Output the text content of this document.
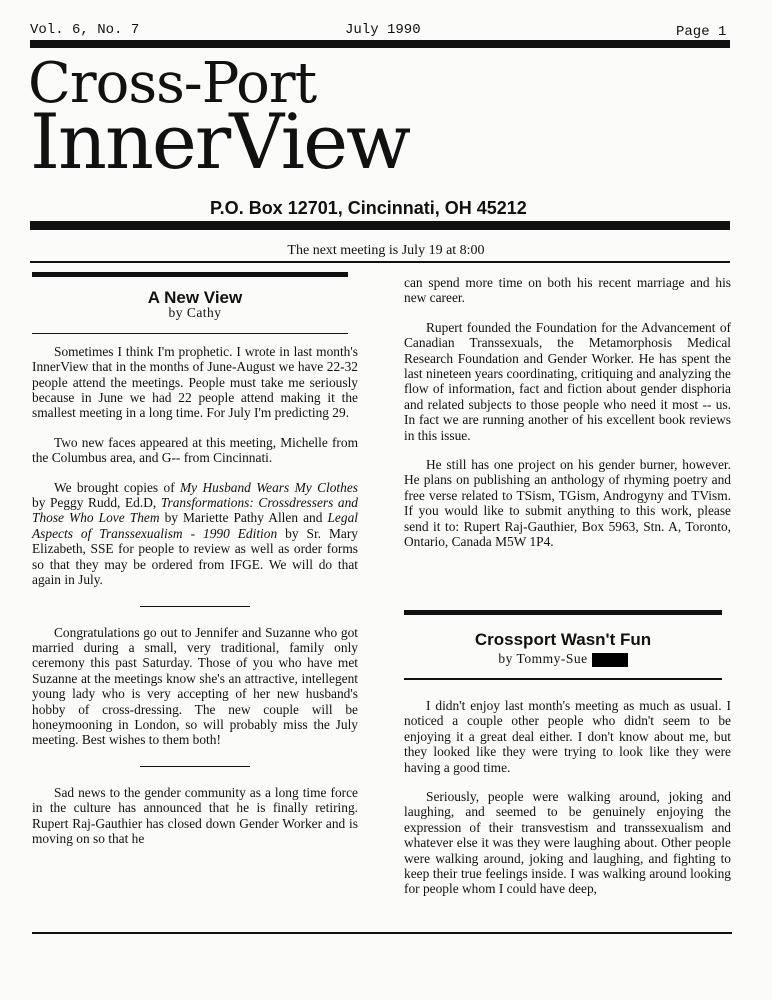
Vol. 6, No. 7	July 1990	Page 1
Cross-Port
InnerView
P.O. Box 12701, Cincinnati, OH 45212
The next meeting is July 19 at 8:00
A New View
by Cathy

Sometimes I think I'm prophetic. I wrote in last month's InnerView that in the months of June-August we have 22-32 people attend the meetings. People must take me seriously because in June we had 22 people attend making it the smallest meeting in a long time. For July I'm predicting 29.

Two new faces appeared at this meeting, Michelle from the Columbus area, and G-- from Cincinnati.

We brought copies of My Husband Wears My Clothes by Peggy Rudd, Ed.D, Transformations: Crossdressers and Those Who Love Them by Mariette Pathy Allen and Legal Aspects of Transsexualism - 1990 Edition by Sr. Mary Elizabeth, SSE for people to review as well as order forms so that they may be ordered from IFGE. We will do that again in July.

Congratulations go out to Jennifer and Suzanne who got married during a small, very traditional, family only ceremony this past Saturday. Those of you who have met Suzanne at the meetings know she's an attractive, intellegent young lady who is very accepting of her new husband's hobby of cross-dressing. The new couple will be honeymooning in London, so will probably miss the July meeting. Best wishes to them both!

Sad news to the gender community as a long time force in the culture has announced that he is finally retiring. Rupert Raj-Gauthier has closed down Gender Worker and is moving on so that he

can spend more time on both his recent marriage and his new career.

Rupert founded the Foundation for the Advancement of Canadian Transsexuals, the Metamorphosis Medical Research Foundation and Gender Worker. He has spent the last nineteen years coordinating, critiquing and analyzing the flow of information, fact and fiction about gender disphoria and related subjects to those people who need it most -- us. In fact we are running another of his excellent book reviews in this issue.

He still has one project on his gender burner, however. He plans on publishing an anthology of rhyming poetry and free verse related to TSism, TGism, Androgyny and TVism. If you would like to submit anything to this work, please send it to: Rupert Raj-Gauthier, Box 5963, Stn. A, Toronto, Ontario, Canada M5W 1P4.

Crossport Wasn't Fun
by Tommy-Sue

I didn't enjoy last month's meeting as much as usual. I noticed a couple other people who didn't seem to be enjoying it a great deal either. I don't know about me, but they looked like they were trying to look like they were having a good time.

Seriously, people were walking around, joking and laughing, and seemed to be genuinely enjoying the expression of their transvestism and transsexualism and whatever else it was they were laughing about. Other people were walking around, joking and laughing, and fighting to keep their true feelings inside. I was walking around looking for people whom I could have deep,
